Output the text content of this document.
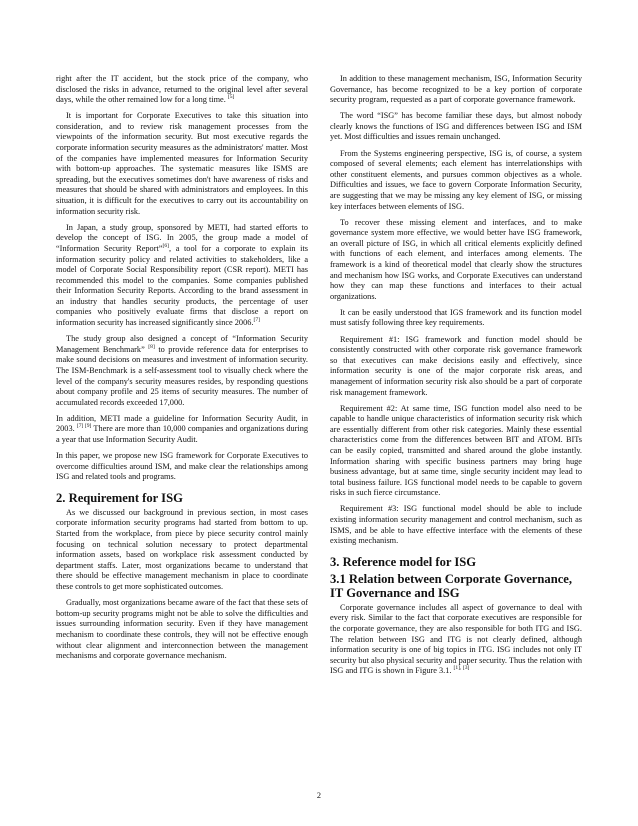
right after the IT accident, but the stock price of the company, who disclosed the risks in advance, returned to the original level after several days, while the other remained low for a long time. [5]

It is important for Corporate Executives to take this situation into consideration, and to review risk management processes from the viewpoints of the information security. But most executive regards the corporate information security measures as the administrators' matter. Most of the companies have implemented measures for Information Security with bottom-up approaches. The systematic measures like ISMS are spreading, but the executives sometimes don't have awareness of risks and measures that should be shared with administrators and employees. In this situation, it is difficult for the executives to carry out its accountability on information security risk.

In Japan, a study group, sponsored by METI, had started efforts to develop the concept of ISG. In 2005, the group made a model of “Information Security Report”[6], a tool for a corporate to explain its information security policy and related activities to stakeholders, like a model of Corporate Social Responsibility report (CSR report). METI has recommended this model to the companies. Some companies published their Information Security Reports. According to the brand assessment in an industry that handles security products, the percentage of user companies who positively evaluate firms that disclose a report on information security has increased significantly since 2006.[7]

The study group also designed a concept of “Information Security Management Benchmark” [8] to provide reference data for enterprises to make sound decisions on measures and investment of information security. The ISM-Benchmark is a self-assessment tool to visually check where the level of the company's security measures resides, by responding questions about company profile and 25 items of security measures. The number of accumulated records exceeded 17,000.

In addition, METI made a guideline for Information Security Audit, in 2003. [7] [9] There are more than 10,000 companies and organizations during a year that use Information Security Audit.

In this paper, we propose new ISG framework for Corporate Executives to overcome difficulties around ISM, and make clear the relationships among ISG and related tools and programs.

2. Requirement for ISG

As we discussed our background in previous section, in most cases corporate information security programs had started from bottom to up. Started from the workplace, from piece by piece security control mainly focusing on technical solution necessary to protect departmental information assets, based on workplace risk assessment conducted by department staffs. Later, most organizations became to understand that there should be effective management mechanism in place to coordinate these controls to get more sophisticated outcomes.

Gradually, most organizations became aware of the fact that these sets of bottom-up security programs might not be able to solve the difficulties and issues surrounding information security. Even if they have management mechanism to coordinate these controls, they will not be effective enough without clear alignment and interconnection between the management mechanisms and corporate governance mechanism.

In addition to these management mechanism, ISG, Information Security Governance, has become recognized to be a key portion of corporate security program, requested as a part of corporate governance framework.

The word “ISG” has become familiar these days, but almost nobody clearly knows the functions of ISG and differences between ISG and ISM yet. Most difficulties and issues remain unchanged.

From the Systems engineering perspective, ISG is, of course, a system composed of several elements; each element has interrelationships with other constituent elements, and pursues common objectives as a whole. Difficulties and issues, we face to govern Corporate Information Security, are suggesting that we may be missing any key element of ISG, or missing key interfaces between elements of ISG.

To recover these missing element and interfaces, and to make governance system more effective, we would better have ISG framework, an overall picture of ISG, in which all critical elements explicitly defined with functions of each element, and interfaces among elements. The framework is a kind of theoretical model that clearly show the structures and mechanism how ISG works, and Corporate Executives can understand how they can map these functions and interfaces to their actual organizations.

It can be easily understood that IGS framework and its function model must satisfy following three key requirements.

Requirement #1: ISG framework and function model should be consistently constructed with other corporate risk governance framework so that executives can make decisions easily and effectively, since information security is one of the major corporate risk areas, and management of information security risk also should be a part of corporate risk management framework.

Requirement #2: At same time, ISG function model also need to be capable to handle unique characteristics of information security risk which are essentially different from other risk categories. Mainly these essential characteristics come from the differences between BIT and ATOM. BITs can be easily copied, transmitted and shared around the globe instantly. Information sharing with specific business partners may bring huge business advantage, but at same time, single security incident may lead to total business failure. IGS functional model needs to be capable to govern risks in such fierce circumstance.

Requirement #3: ISG functional model should be able to include existing information security management and control mechanism, such as ISMS, and be able to have effective interface with the elements of these existing mechanism.

3. Reference model for ISG
3.1 Relation between Corporate Governance, IT Governance and ISG

Corporate governance includes all aspect of governance to deal with every risk. Similar to the fact that corporate executives are responsible for the corporate governance, they are also responsible for both ITG and ISG. The relation between ISG and ITG is not clearly defined, although information security is one of big topics in ITG. ISG includes not only IT security but also physical security and paper security. Thus the relation with ISG and ITG is shown in Figure 3.1. [1], [3]

2
